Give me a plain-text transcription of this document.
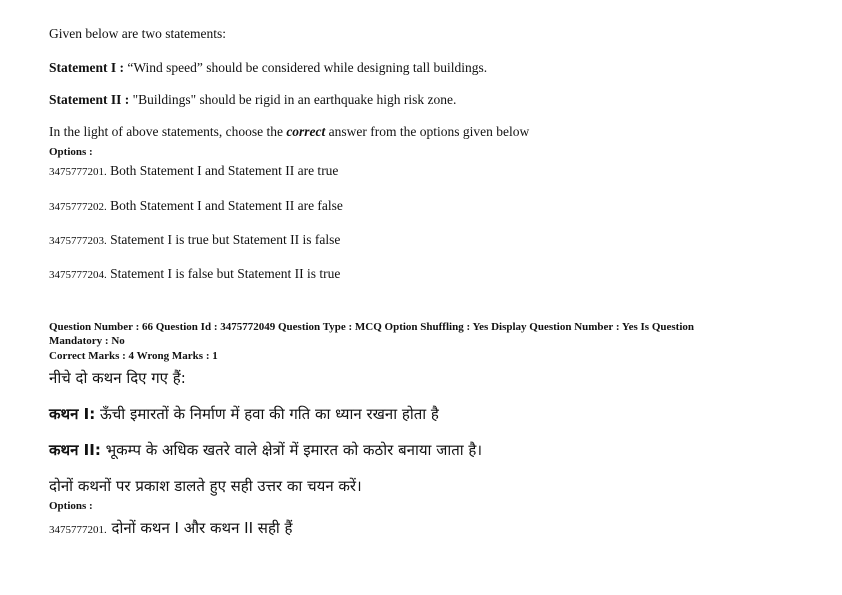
Given below are two statements:
Statement I : “Wind speed” should be considered while designing tall buildings.
Statement II : "Buildings" should be rigid in an earthquake high risk zone.
In the light of above statements, choose the correct answer from the options given below
Options :
3475777201. Both Statement I and Statement II are true
3475777202. Both Statement I and Statement II are false
3475777203. Statement I is true but Statement II is false
3475777204. Statement I is false but Statement II is true
Question Number : 66 Question Id : 3475772049 Question Type : MCQ Option Shuffling : Yes Display Question Number : Yes Is Question
Mandatory : No
Correct Marks : 4 Wrong Marks : 1
नीचे दो कथन दिए गए हैं:
कथन I: ऊँची इमारतों के निर्माण में हवा की गति का ध्यान रखना होता है
कथन II: भूकम्प के अधिक खतरे वाले क्षेत्रों में इमारत को कठोर बनाया जाता है।
दोनों कथनों पर प्रकाश डालते हुए सही उत्तर का चयन करें।
Options :
3475777201. दोनों कथन I और कथन II सही हैं
